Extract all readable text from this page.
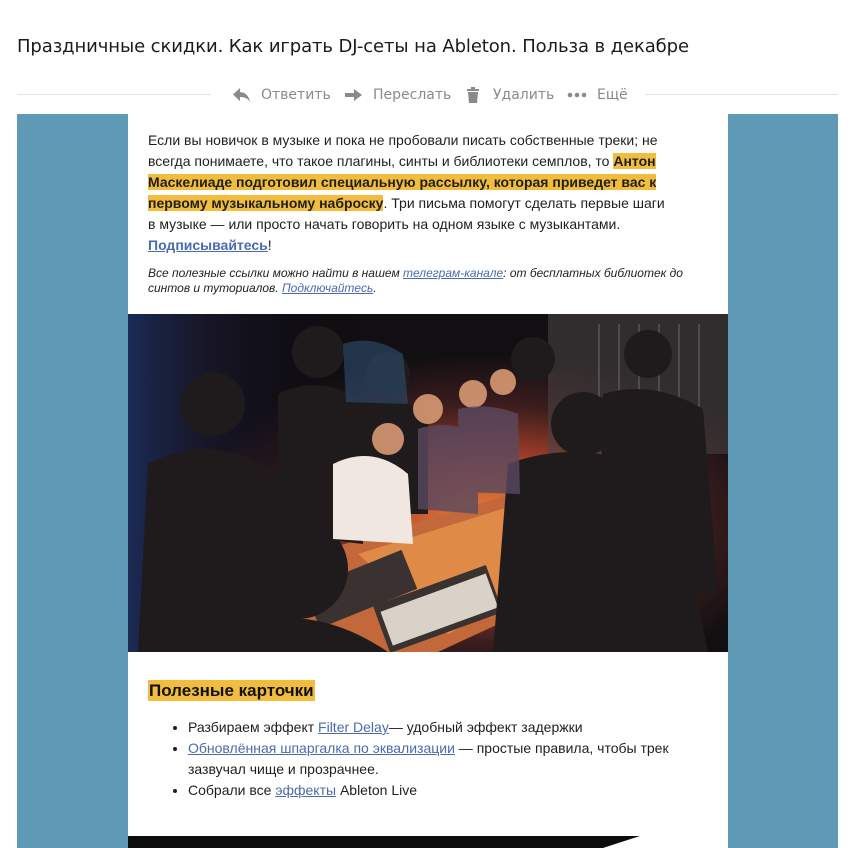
Праздничные скидки. Как играть DJ-сеты на Ableton. Польза в декабре
Ответить	Переслать	Удалить	Ещё
Если вы новичок в музыке и пока не пробовали писать собственные треки; не всегда понимаете, что такое плагины, синты и библиотеки семплов, то Антон Маскелиаде подготовил специальную рассылку, которая приведет вас к первому музыкальному наброску. Три письма помогут сделать первые шаги в музыке — или просто начать говорить на одном языке с музыкантами. Подписывайтесь!
Все полезные ссылки можно найти в нашем телеграм-канале: от бесплатных библиотек до синтов и туториалов. Подключайтесь.
Полезные карточки
• Разбираем эффект Filter Delay— удобный эффект задержки
• Обновлённая шпаргалка по эквализации — простые правила, чтобы трек зазвучал чище и прозрачнее.
• Собрали все эффекты Ableton Live
